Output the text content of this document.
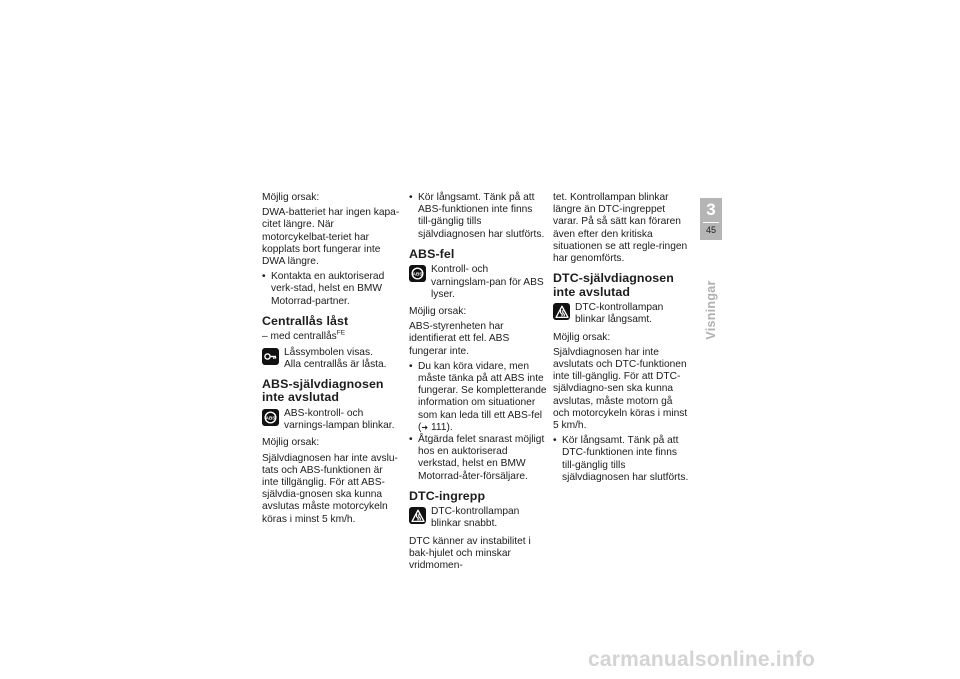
Möjlig orsak:

DWA-batteriet har ingen kapa-citet längre. När motorcykelbat-teriet har kopplats bort fungerar inte DWA längre.

• Kontakta en auktoriserad verk-stad, helst en BMW Motorrad-partner.
Centrallås låst

– med centrallås$^{FE}$

Låssymbolen visas.
Alla centrallås är låsta.
ABS-självdiagnosen inte avslutad
ABS ABS-kontroll- och varnings-lampan blinkar.

Möjlig orsak:

Självdiagnosen har inte avslu-tats och ABS-funktionen är inte tillgänglig. För att ABS-självdia-gnosen ska kunna avslutas måste motorcykeln köras i minst 5 km/h.

• Kör långsamt. Tänk på att ABS-funktionen inte finns till-gänglig tills självdiagnosen har slutförts.
ABS-fel
ABS Kontroll- och varningslam-pan för ABS lyser.

Möjlig orsak:

ABS-styrenheten har identifierat ett fel. ABS fungerar inte.

• Du kan köra vidare, men måste tänka på att ABS inte fungerar. Se kompletterande information om situationer som kan leda till ett ABS-fel (➜ 111).
• Åtgärda felet snarast möjligt hos en auktoriserad verkstad, helst en BMW Motorrad-åter-försäljare.
DTC-ingrepp
DTC-kontrollampan blinkar snabbt.

DTC känner av instabilitet i bak-hjulet och minskar vridmomen-

tet. Kontrollampan blinkar längre än DTC-ingreppet varar. På så sätt kan föraren även efter den kritiska situationen se att regle-ringen har genomförts.

DTC-självdiagnosen inte avslutad
DTC-kontrollampan blinkar långsamt.

Möjlig orsak:

Självdiagnosen har inte avslutats och DTC-funktionen inte till-gänglig. För att DTC-självdiagno-sen ska kunna avslutas, måste motorn gå och motorcykeln köras i minst 5 km/h.

• Kör långsamt. Tänk på att DTC-funktionen inte finns till-gänglig tills självdiagnosen har slutförts.
3
45
Visningar
carmanualsonline.info
